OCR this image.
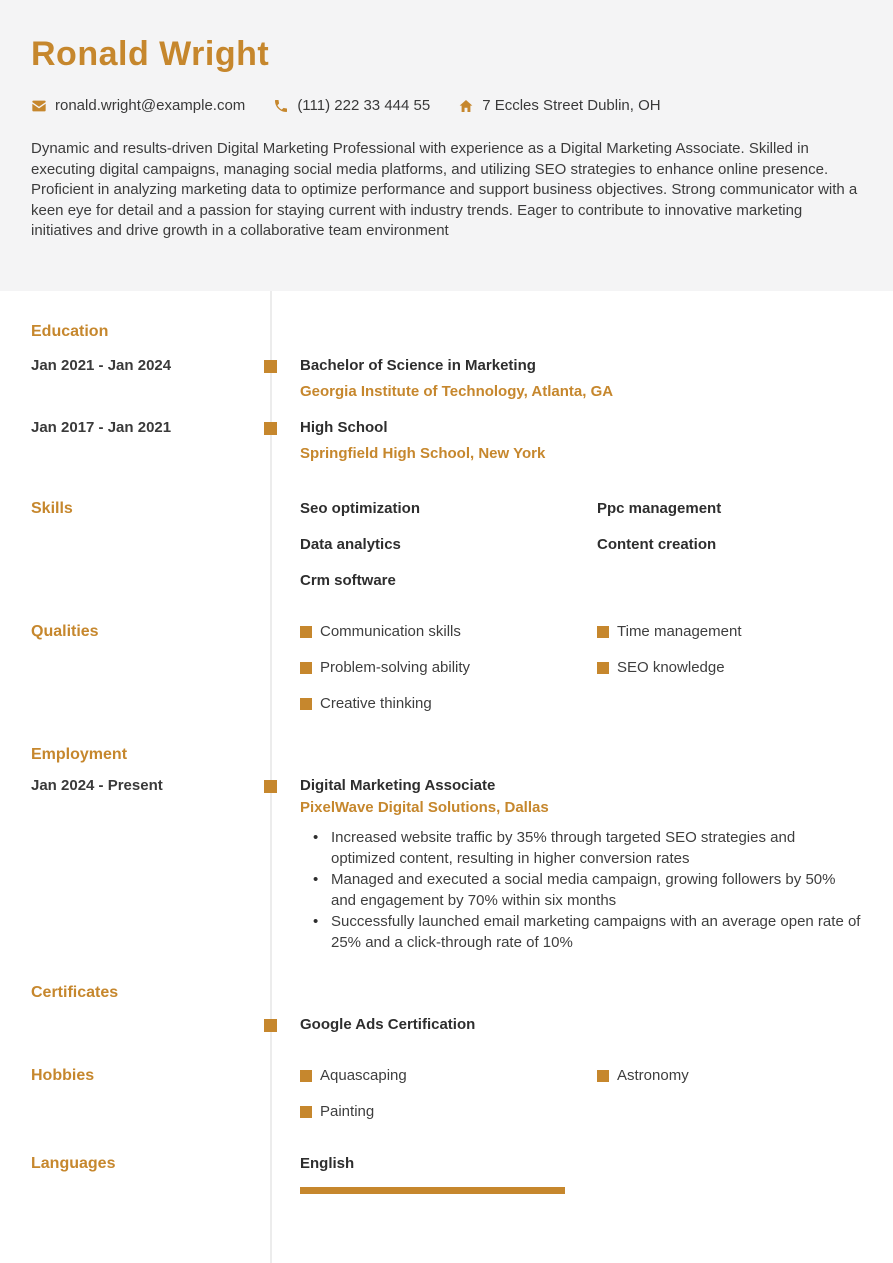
Ronald Wright
ronald.wright@example.com	(111) 222 33 444 55	7 Eccles Street Dublin, OH

Dynamic and results-driven Digital Marketing Professional with experience as a Digital Marketing Associate. Skilled in executing digital campaigns, managing social media platforms, and utilizing SEO strategies to enhance online presence. Proficient in analyzing marketing data to optimize performance and support business objectives. Strong communicator with a keen eye for detail and a passion for staying current with industry trends. Eager to contribute to innovative marketing initiatives and drive growth in a collaborative team environment

Education
Jan 2021 - Jan 2024	Bachelor of Science in Marketing
Georgia Institute of Technology, Atlanta, GA
Jan 2017 - Jan 2021	High School
Springfield High School, New York
Skills	Seo optimization	Ppc management
Data analytics	Content creation
Crm software
Qualities	Communication skills	Time management
Problem-solving ability	SEO knowledge
Creative thinking
Employment
Jan 2024 - Present	Digital Marketing Associate
PixelWave Digital Solutions, Dallas
• Increased website traffic by 35% through targeted SEO strategies and optimized content, resulting in higher conversion rates
• Managed and executed a social media campaign, growing followers by 50% and engagement by 70% within six months
• Successfully launched email marketing campaigns with an average open rate of 25% and a click-through rate of 10%
Certificates
Google Ads Certification
Hobbies	Aquascaping	Astronomy
Painting
Languages	English
